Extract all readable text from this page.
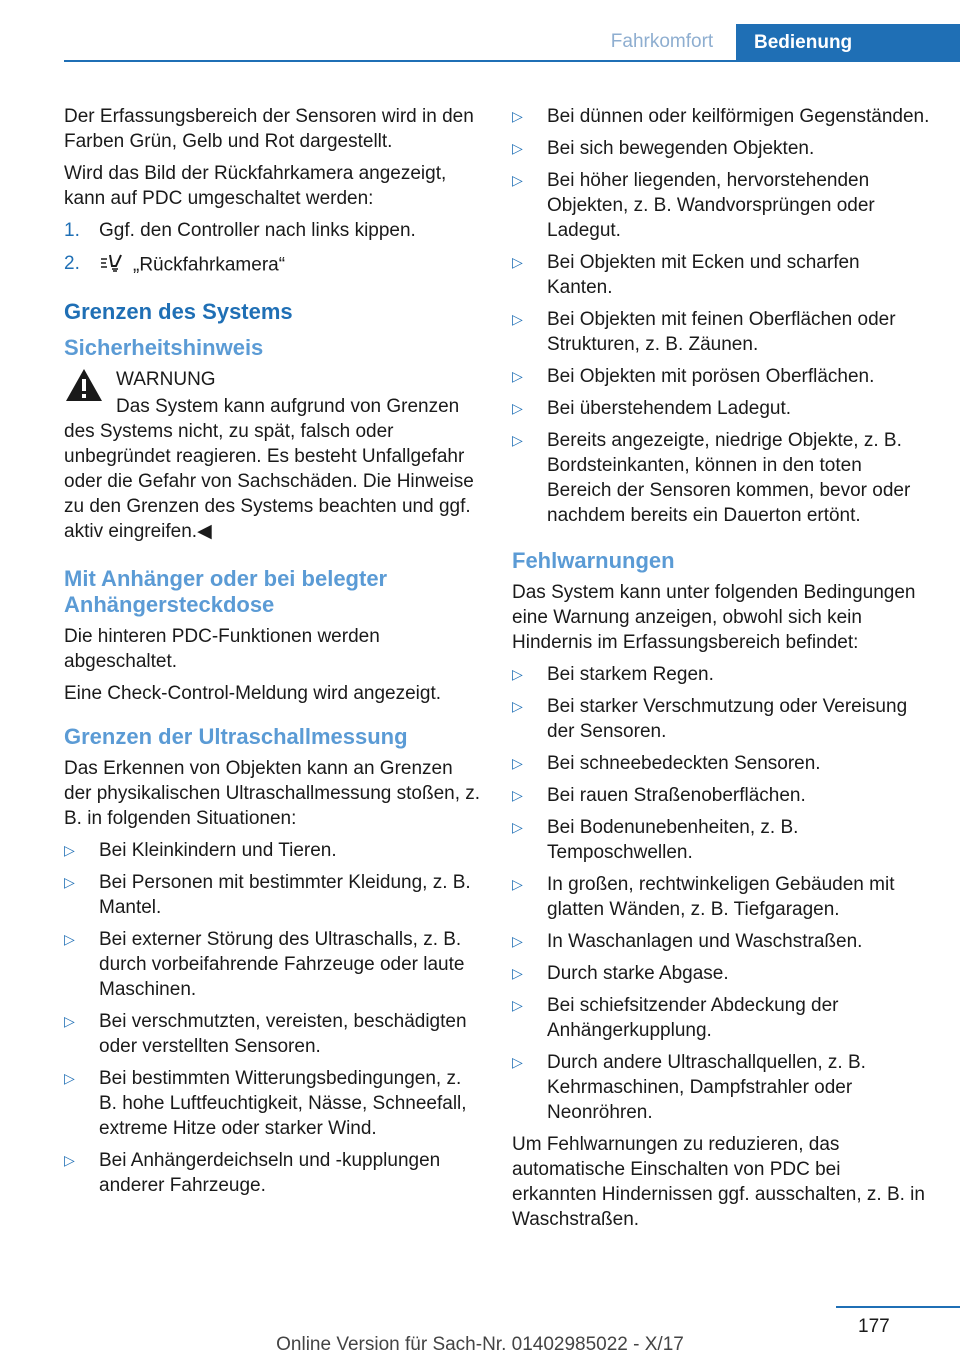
Fahrkomfort	Bedienung

Der Erfassungsbereich der Sensoren wird in den Farben Grün, Gelb und Rot dargestellt.

Wird das Bild der Rückfahrkamera angezeigt, kann auf PDC umgeschaltet werden:

1.	Ggf. den Controller nach links kippen.
2.	„Rückfahrkamera“
Grenzen des Systems
Sicherheitshinweis

WARNUNG

Das System kann aufgrund von Grenzen des Systems nicht, zu spät, falsch oder unbegründet reagieren. Es besteht Unfallgefahr oder die Gefahr von Sachschäden. Die Hinweise zu den Grenzen des Systems beachten und ggf. aktiv eingreifen.◀

Mit Anhänger oder bei belegter Anhängersteckdose

Die hinteren PDC-Funktionen werden abgeschaltet.

Eine Check-Control-Meldung wird angezeigt.

Grenzen der Ultraschallmessung

Das Erkennen von Objekten kann an Grenzen der physikalischen Ultraschallmessung stoßen, z. B. in folgenden Situationen:

▷	Bei Kleinkindern und Tieren.
▷	Bei Personen mit bestimmter Kleidung, z. B. Mantel.
▷	Bei externer Störung des Ultraschalls, z. B. durch vorbeifahrende Fahrzeuge oder laute Maschinen.
▷	Bei verschmutzten, vereisten, beschädigten oder verstellten Sensoren.
▷	Bei bestimmten Witterungsbedingungen, z. B. hohe Luftfeuchtigkeit, Nässe, Schneefall, extreme Hitze oder starker Wind.
▷	Bei Anhängerdeichseln und -kupplungen anderer Fahrzeuge.
▷	Bei dünnen oder keilförmigen Gegenständen.
▷	Bei sich bewegenden Objekten.
▷	Bei höher liegenden, hervorstehenden Objekten, z. B. Wandvorsprüngen oder Ladegut.
▷	Bei Objekten mit Ecken und scharfen Kanten.
▷	Bei Objekten mit feinen Oberflächen oder Strukturen, z. B. Zäunen.
▷	Bei Objekten mit porösen Oberflächen.
▷	Bei überstehendem Ladegut.
▷	Bereits angezeigte, niedrige Objekte, z. B. Bordsteinkanten, können in den toten Bereich der Sensoren kommen, bevor oder nachdem bereits ein Dauerton ertönt.
Fehlwarnungen

Das System kann unter folgenden Bedingungen eine Warnung anzeigen, obwohl sich kein Hindernis im Erfassungsbereich befindet:

▷	Bei starkem Regen.
▷	Bei starker Verschmutzung oder Vereisung der Sensoren.
▷	Bei schneebedeckten Sensoren.
▷	Bei rauen Straßenoberflächen.
▷	Bei Bodenunebenheiten, z. B. Temposchwellen.
▷	In großen, rechtwinkeligen Gebäuden mit glatten Wänden, z. B. Tiefgaragen.
▷	In Waschanlagen und Waschstraßen.
▷	Durch starke Abgase.
▷	Bei schiefsitzender Abdeckung der Anhängerkupplung.
▷	Durch andere Ultraschallquellen, z. B. Kehrmaschinen, Dampfstrahler oder Neonröhren.

Um Fehlwarnungen zu reduzieren, das automatische Einschalten von PDC bei erkannten Hindernissen ggf. ausschalten, z. B. in Waschstraßen.

177
Online Version für Sach-Nr. 01402985022 - X/17
